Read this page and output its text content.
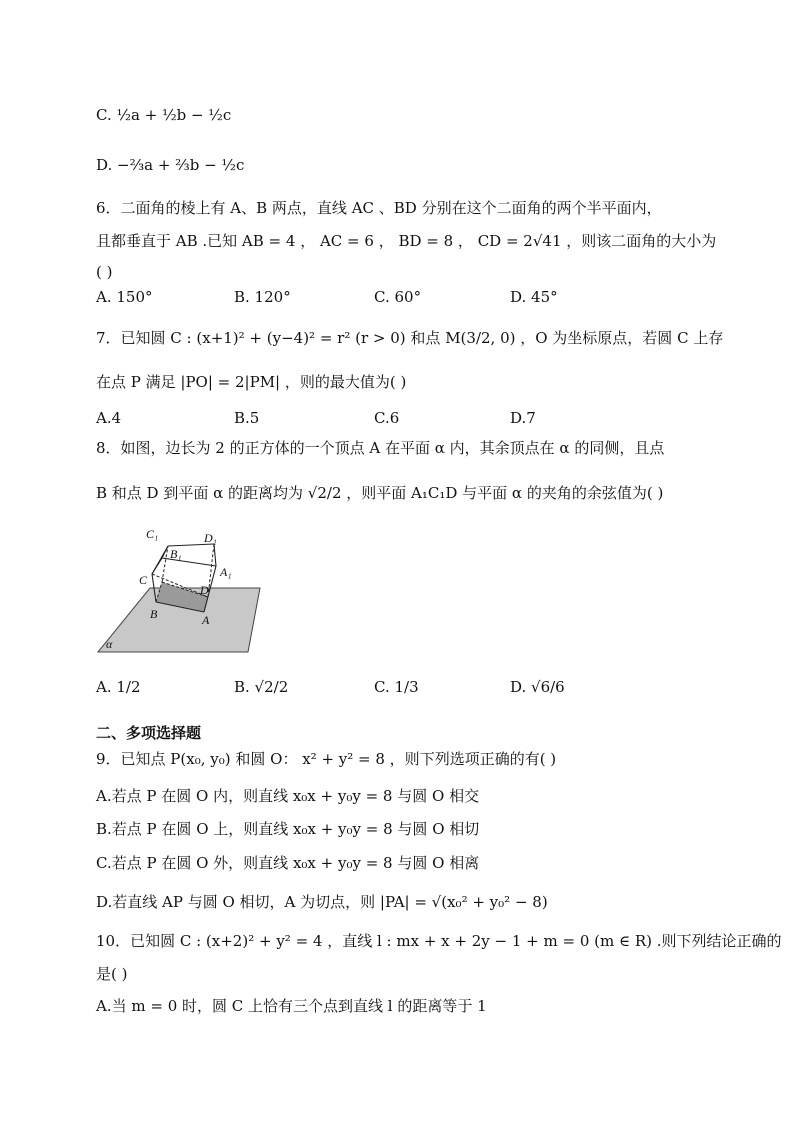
C. ½a + ½b − ½c
D. −⅔a + ⅔b − ½c
6．二面角的棱上有 A、B 两点，直线 AC 、BD 分别在这个二面角的两个半平面内，
且都垂直于 AB .已知 AB = 4 ， AC = 6 ， BD = 8 ， CD = 2√41 ，则该二面角的大小为
( )
A. 150°	B. 120°	C. 60°	D. 45°
7．已知圆 C : (x+1)² + (y−4)² = r² (r > 0) 和点 M(3/2, 0) ，O 为坐标原点，若圆 C 上存
在点 P 满足 |PO| = 2|PM| ，则的最大值为( )
A.4	B.5	C.6	D.7
8．如图，边长为 2 的正方体的一个顶点 A 在平面 α 内，其余顶点在 α 的同侧，且点
B 和点 D 到平面 α 的距离均为 √2/2 ，则平面 A₁C₁D 与平面 α 的夹角的余弦值为( )
C₁	D₁
B₁
A₁
C
D
B	A
α
A. 1/2	B. √2/2	C. 1/3	D. √6/6
二、多项选择题
9．已知点 P(x₀, y₀) 和圆 O： x² + y² = 8 ，则下列选项正确的有( )
A.若点 P 在圆 O 内，则直线 x₀x + y₀y = 8 与圆 O 相交
B.若点 P 在圆 O 上，则直线 x₀x + y₀y = 8 与圆 O 相切
C.若点 P 在圆 O 外，则直线 x₀x + y₀y = 8 与圆 O 相离
D.若直线 AP 与圆 O 相切，A 为切点，则 |PA| = √(x₀² + y₀² − 8)
10．已知圆 C : (x+2)² + y² = 4 ，直线 l : mx + x + 2y − 1 + m = 0 (m ∈ R) .则下列结论正确的
是( )
A.当 m = 0 时，圆 C 上恰有三个点到直线 l 的距离等于 1
